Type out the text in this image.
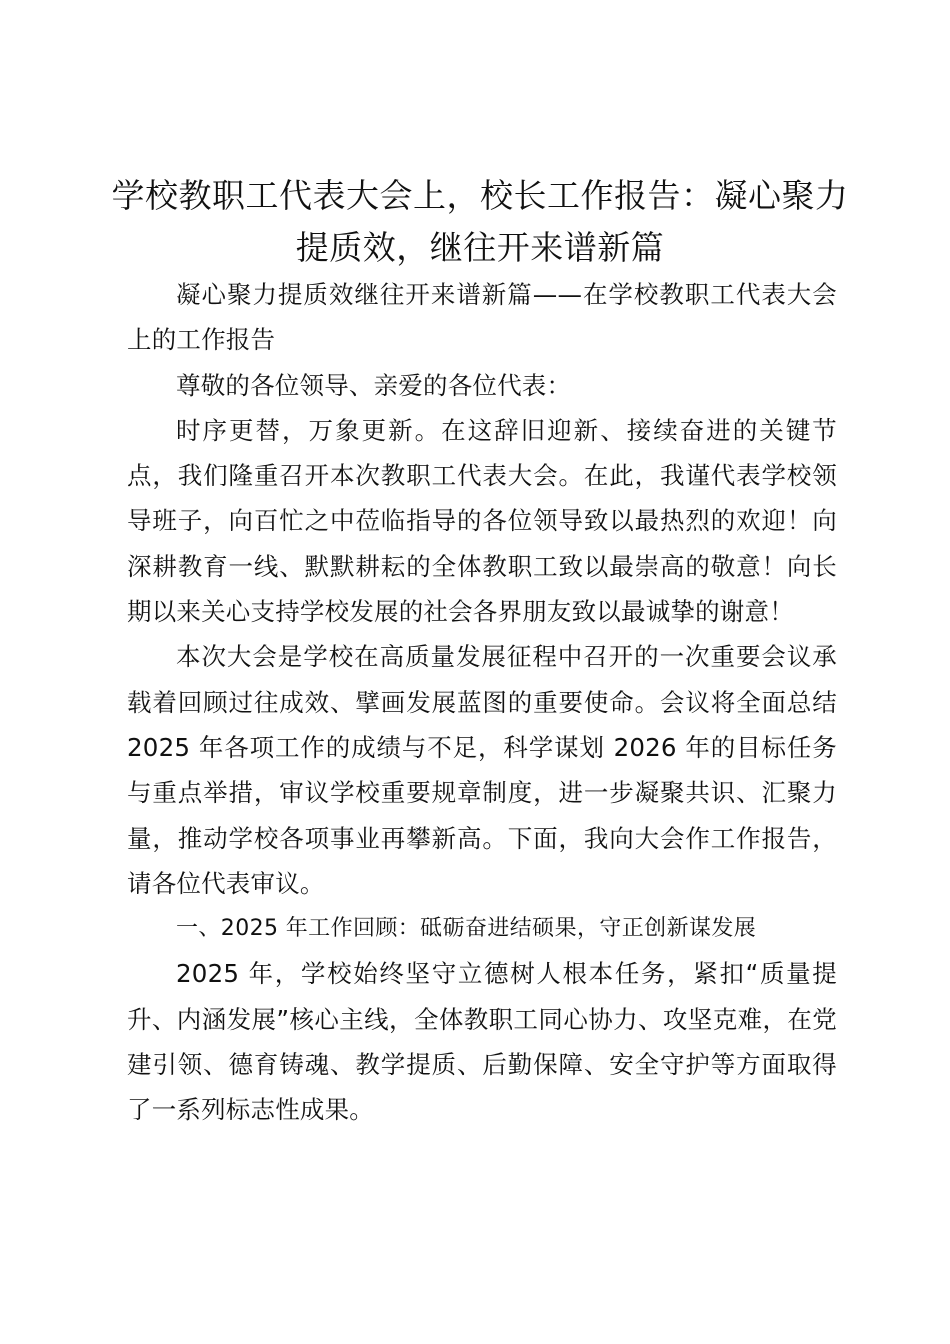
学校教职工代表大会上，校长工作报告：凝心聚力提质效，继往开来谱新篇

凝心聚力提质效继往开来谱新篇——在学校教职工代表大会上的工作报告

尊敬的各位领导、亲爱的各位代表：

时序更替，万象更新。在这辞旧迎新、接续奋进的关键节点，我们隆重召开本次教职工代表大会。在此，我谨代表学校领导班子，向百忙之中莅临指导的各位领导致以最热烈的欢迎！向深耕教育一线、默默耕耘的全体教职工致以最崇高的敬意！向长期以来关心支持学校发展的社会各界朋友致以最诚挚的谢意！

本次大会是学校在高质量发展征程中召开的一次重要会议承载着回顾过往成效、擘画发展蓝图的重要使命。会议将全面总结 2025 年各项工作的成绩与不足，科学谋划 2026 年的目标任务与重点举措，审议学校重要规章制度，进一步凝聚共识、汇聚力量，推动学校各项事业再攀新高。下面，我向大会作工作报告，请各位代表审议。

一、2025 年工作回顾：砥砺奋进结硕果，守正创新谋发展

2025 年，学校始终坚守立德树人根本任务，紧扣“质量提升、内涵发展”核心主线，全体教职工同心协力、攻坚克难，在党建引领、德育铸魂、教学提质、后勤保障、安全守护等方面取得了一系列标志性成果。
